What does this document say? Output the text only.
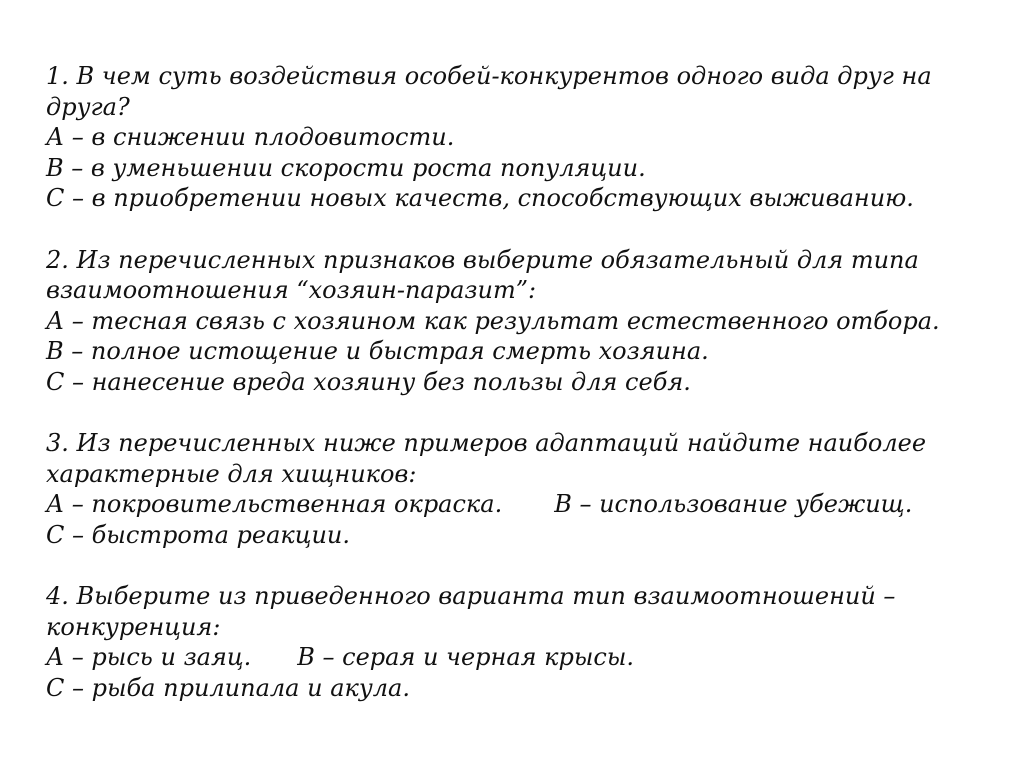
1. В чем суть воздействия особей-конкурентов одного вида друг на
друга?
А – в снижении плодовитости.
В – в уменьшении скорости роста популяции.
С – в приобретении новых качеств, способствующих выживанию.
2. Из перечисленных признаков выберите обязательный для типа
взаимоотношения “хозяин-паразит”:
А – тесная связь с хозяином как результат естественного отбора.
В – полное истощение и быстрая смерть хозяина.
С – нанесение вреда хозяину без пользы для себя.
3. Из перечисленных ниже примеров адаптаций найдите наиболее
характерные для хищников:
А – покровительственная окраска. В – использование убежищ.
С – быстрота реакции.
4. Выберите из приведенного варианта тип взаимоотношений –
конкуренция:
А – рысь и заяц. В – серая и черная крысы.
С – рыба прилипала и акула.
